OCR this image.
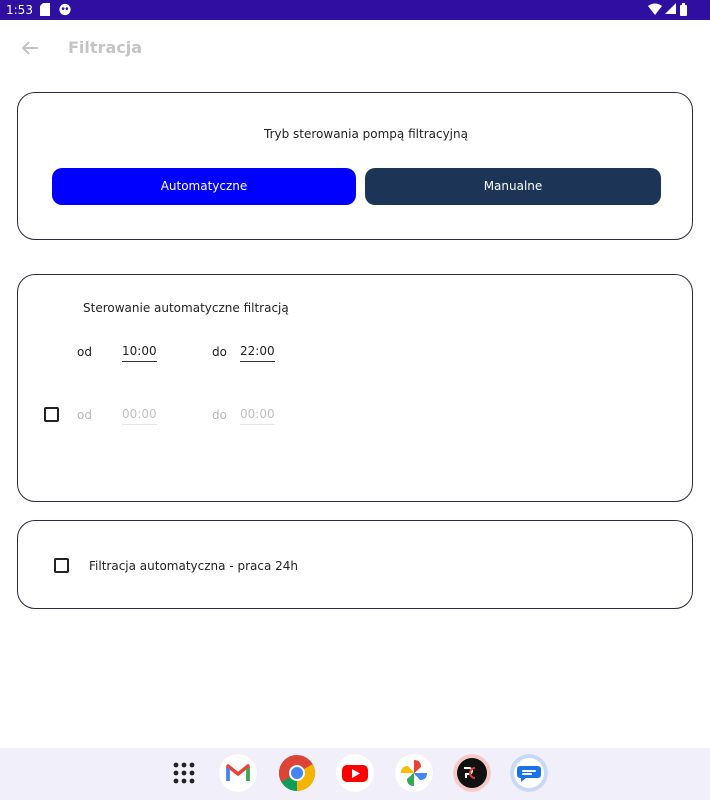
1:53
Filtracja
Tryb sterowania pompą filtracyjną
Automatyczne	Manualne
Sterowanie automatyczne filtracją
od	10:00	do 22:00
od	00:00	do 00:00
Filtracja automatyczna - praca 24h
